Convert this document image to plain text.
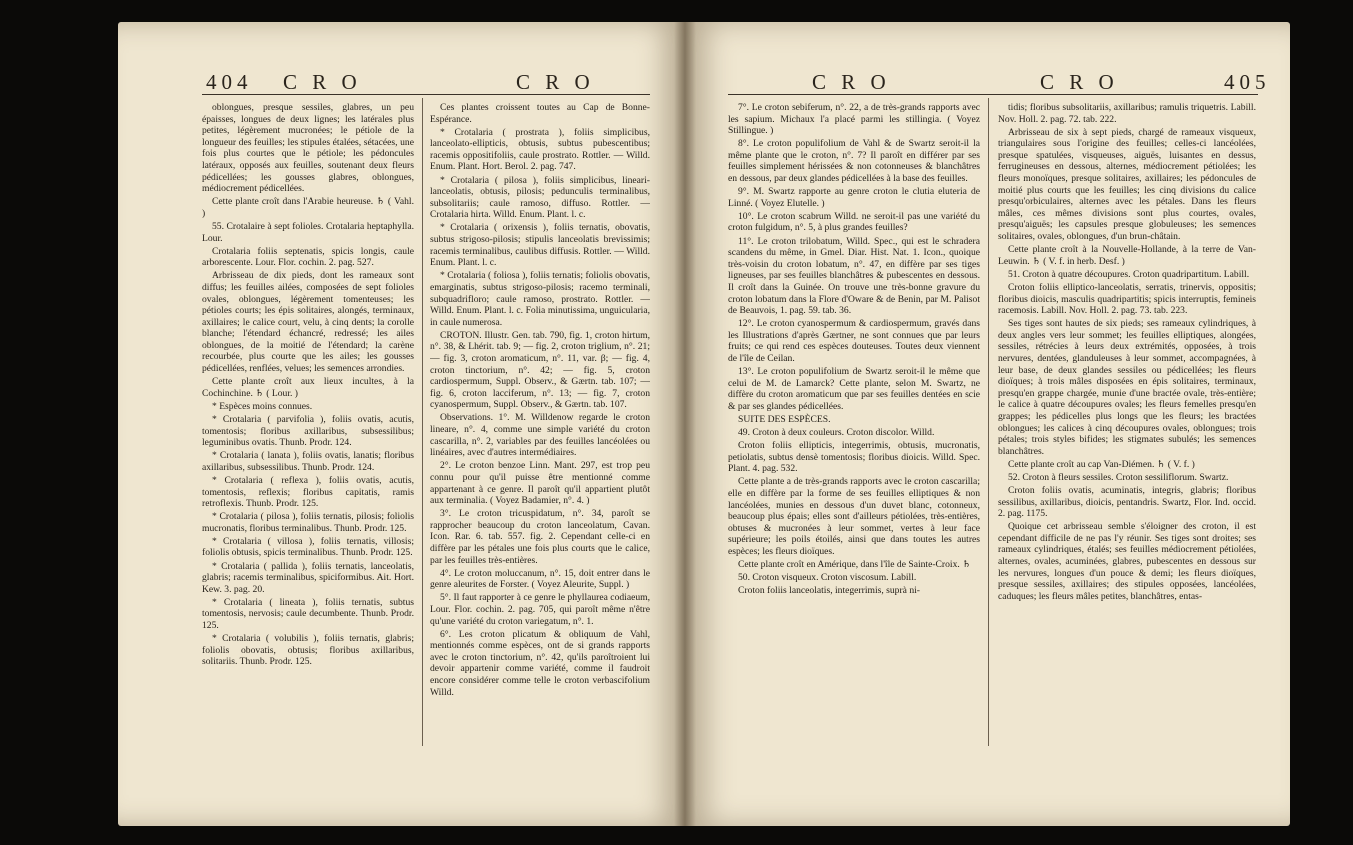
404 C R O	C R O

oblongues, presque sessiles, glabres, un peu épaisses, longues de deux lignes; les latérales plus petites, légèrement mucronées; le pétiole de la longueur des feuilles; les stipules étalées, sétacées, une fois plus courtes que le pétiole; les pédoncules latéraux, opposés aux feuilles, soutenant deux fleurs pédicellées; les gousses glabres, oblongues, médiocrement pédicellées.

Cette plante croît dans l'Arabie heureuse. ♄ ( Vahl. )

55. Crotalaire à sept folioles. Crotalaria heptaphylla. Lour.

Crotalaria foliis septenatis, spicis longis, caule arborescente. Lour. Flor. cochin. 2. pag. 527.

Arbrisseau de dix pieds, dont les rameaux sont diffus; les feuilles ailées, composées de sept folioles ovales, oblongues, légèrement tomenteuses; les pétioles courts; les épis solitaires, alongés, terminaux, axillaires; le calice court, velu, à cinq dents; la corolle blanche; l'étendard échancré, redressé; les ailes oblongues, de la moitié de l'étendard; la carène recourbée, plus courte que les ailes; les gousses pédicellées, renflées, velues; les semences arrondies.

Cette plante croît aux lieux incultes, à la Cochinchine. ♄ ( Lour. )

* Espèces moins connues.

* Crotalaria ( parvifolia ), foliis ovatis, acutis, tomentosis; floribus axillaribus, subsessilibus; leguminibus ovatis. Thunb. Prodr. 124.

* Crotalaria ( lanata ), foliis ovatis, lanatis; floribus axillaribus, subsessilibus. Thunb. Prodr. 124.

* Crotalaria ( reflexa ), foliis ovatis, acutis, tomentosis, reflexis; floribus capitatis, ramis retroflexis. Thunb. Prodr. 125.

* Crotalaria ( pilosa ), foliis ternatis, pilosis; foliolis mucronatis, floribus terminalibus. Thunb. Prodr. 125.

* Crotalaria ( villosa ), foliis ternatis, villosis; foliolis obtusis, spicis terminalibus. Thunb. Prodr. 125.

* Crotalaria ( pallida ), foliis ternatis, lanceolatis, glabris; racemis terminalibus, spiciformibus. Ait. Hort. Kew. 3. pag. 20.

* Crotalaria ( lineata ), foliis ternatis, subtus tomentosis, nervosis; caule decumbente. Thunb. Prodr. 125.

* Crotalaria ( volubilis ), foliis ternatis, glabris; foliolis obovatis, obtusis; floribus axillaribus, solitariis. Thunb. Prodr. 125.

Ces plantes croissent toutes au Cap de Bonne-Espérance.

* Crotalaria ( prostrata ), foliis simplicibus, lanceolato-ellipticis, obtusis, subtus pubescentibus; racemis oppositifoliis, caule prostrato. Rottler. — Willd. Enum. Plant. Hort. Berol. 2. pag. 747.

* Crotalaria ( pilosa ), foliis simplicibus, lineari-lanceolatis, obtusis, pilosis; pedunculis terminalibus, subsolitariis; caule ramoso, diffuso. Rottler. — Crotalaria hirta. Willd. Enum. Plant. l. c.

* Crotalaria ( orixensis ), foliis ternatis, obovatis, subtus strigoso-pilosis; stipulis lanceolatis brevissimis; racemis terminalibus, caulibus diffusis. Rottler. — Willd. Enum. Plant. l. c.

* Crotalaria ( foliosa ), foliis ternatis; foliolis obovatis, emarginatis, subtus strigoso-pilosis; racemo terminali, subquadrifloro; caule ramoso, prostrato. Rottler. — Willd. Enum. Plant. l. c. Folia minutissima, unguicularia, in caule numerosa.

CROTON. Illustr. Gen. tab. 790, fig. 1, croton hirtum, n°. 38, & Lhérit. tab. 9; — fig. 2, croton triglium, n°. 21; — fig. 3, croton aromaticum, n°. 11, var. β; — fig. 4, croton tinctorium, n°. 42; — fig. 5, croton cardiospermum, Suppl. Observ., & Gærtn. tab. 107; — fig. 6, croton lacciferum, n°. 13; — fig. 7, croton cyanospermum, Suppl. Observ., & Gærtn. tab. 107.

Observations. 1°. M. Willdenow regarde le croton lineare, n°. 4, comme une simple variété du croton cascarilla, n°. 2, variables par des feuilles lancéolées ou linéaires, avec d'autres intermédiaires.

2°. Le croton benzoe Linn. Mant. 297, est trop peu connu pour qu'il puisse être mentionné comme appartenant à ce genre. Il paroît qu'il appartient plutôt aux terminalia. ( Voyez Badamier, n°. 4. )

3°. Le croton tricuspidatum, n°. 34, paroît se rapprocher beaucoup du croton lanceolatum, Cavan. Icon. Rar. 6. tab. 557. fig. 2. Cependant celle-ci en diffère par les pétales une fois plus courts que le calice, par les feuilles très-entières.

4°. Le croton moluccanum, n°. 15, doit entrer dans le genre aleurites de Forster. ( Voyez Aleurite, Suppl. )

5°. Il faut rapporter à ce genre le phyllaurea codiaeum, Lour. Flor. cochin. 2. pag. 705, qui paroît même n'être qu'une variété du croton variegatum, n°. 1.

6°. Les croton plicatum & obliquum de Vahl, mentionnés comme espèces, ont de si grands rapports avec le croton tinctorium, n°. 42, qu'ils paroîtroient lui devoir appartenir comme variété, comme il faudroit encore considérer comme telle le croton verbascifolium Willd.

C R O	C R O	405

7°. Le croton sebiferum, n°. 22, a de très-grands rapports avec les sapium. Michaux l'a placé parmi les stillingia. ( Voyez Stillingue. )

8°. Le croton populifolium de Vahl & de Swartz seroit-il la même plante que le croton, n°. 7? Il paroît en différer par ses feuilles simplement hérissées & non cotonneuses & blanchâtres en dessous, par deux glandes pédicellées à la base des feuilles.

9°. M. Swartz rapporte au genre croton le clutia eluteria de Linné. ( Voyez Elutelle. )

10°. Le croton scabrum Willd. ne seroit-il pas une variété du croton fulgidum, n°. 5, à plus grandes feuilles?

11°. Le croton trilobatum, Willd. Spec., qui est le schradera scandens du même, in Gmel. Diar. Hist. Nat. 1. Icon., quoique très-voisin du croton lobatum, n°. 47, en diffère par ses tiges ligneuses, par ses feuilles blanchâtres & pubescentes en dessous. Il croît dans la Guinée. On trouve une très-bonne gravure du croton lobatum dans la Flore d'Oware & de Benin, par M. Palisot de Beauvois, 1. pag. 59. tab. 36.

12°. Le croton cyanospermum & cardiospermum, gravés dans les Illustrations d'après Gærtner, ne sont connues que par leurs fruits; ce qui rend ces espèces douteuses. Toutes deux viennent de l'île de Ceilan.

13°. Le croton populifolium de Swartz seroit-il le même que celui de M. de Lamarck? Cette plante, selon M. Swartz, ne diffère du croton aromaticum que par ses feuilles dentées en scie & par ses glandes pédicellées.

SUITE DES ESPÈCES.

49. Croton à deux couleurs. Croton discolor. Willd.

Croton foliis ellipticis, integerrimis, obtusis, mucronatis, petiolatis, subtus densè tomentosis; floribus dioicis. Willd. Spec. Plant. 4. pag. 532.

Cette plante a de très-grands rapports avec le croton cascarilla; elle en diffère par la forme de ses feuilles elliptiques & non lancéolées, munies en dessous d'un duvet blanc, cotonneux, beaucoup plus épais; elles sont d'ailleurs pétiolées, très-entières, obtuses & mucronées à leur sommet, vertes à leur face supérieure; les poils étoilés, ainsi que dans toutes les autres espèces; les fleurs dioïques.

Cette plante croît en Amérique, dans l'île de Sainte-Croix. ♄

50. Croton visqueux. Croton viscosum. Labill.

Croton foliis lanceolatis, integerrimis, suprà ni-

tidis; floribus subsolitariis, axillaribus; ramulis triquetris. Labill. Nov. Holl. 2. pag. 72. tab. 222.

Arbrisseau de six à sept pieds, chargé de rameaux visqueux, triangulaires sous l'origine des feuilles; celles-ci lancéolées, presque spatulées, visqueuses, aiguës, luisantes en dessus, ferrugineuses en dessous, alternes, médiocrement pétiolées; les fleurs monoïques, presque solitaires, axillaires; les pédoncules de moitié plus courts que les feuilles; les cinq divisions du calice presqu'orbiculaires, alternes avec les pétales. Dans les fleurs mâles, ces mêmes divisions sont plus courtes, ovales, presqu'aiguës; les capsules presque globuleuses; les semences solitaires, ovales, oblongues, d'un brun-châtain.

Cette plante croît à la Nouvelle-Hollande, à la terre de Van-Leuwin. ♄ ( V. f. in herb. Desf. )

51. Croton à quatre découpures. Croton quadripartitum. Labill.

Croton foliis elliptico-lanceolatis, serratis, trinervis, oppositis; floribus dioicis, masculis quadripartitis; spicis interruptis, femineis racemosis. Labill. Nov. Holl. 2. pag. 73. tab. 223.

Ses tiges sont hautes de six pieds; ses rameaux cylindriques, à deux angles vers leur sommet; les feuilles elliptiques, alongées, sessiles, rétrécies à leurs deux extrémités, opposées, à trois nervures, dentées, glanduleuses à leur sommet, accompagnées, à leur base, de deux glandes sessiles ou pédicellées; les fleurs dioïques; à trois mâles disposées en épis solitaires, terminaux, presqu'en grappe chargée, munie d'une bractée ovale, très-entière; le calice à quatre découpures ovales; les fleurs femelles presqu'en grappes; les pédicelles plus longs que les fleurs; les bractées oblongues; les calices à cinq découpures ovales, oblongues; trois pétales; trois styles bifides; les stigmates subulés; les semences blanchâtres.

Cette plante croît au cap Van-Diémen. ♄ ( V. f. )

52. Croton à fleurs sessiles. Croton sessiliflorum. Swartz.

Croton foliis ovatis, acuminatis, integris, glabris; floribus sessilibus, axillaribus, dioicis, pentandris. Swartz, Flor. Ind. occid. 2. pag. 1175.

Quoique cet arbrisseau semble s'éloigner des croton, il est cependant difficile de ne pas l'y réunir. Ses tiges sont droites; ses rameaux cylindriques, étalés; ses feuilles médiocrement pétiolées, alternes, ovales, acuminées, glabres, pubescentes en dessous sur les nervures, longues d'un pouce & demi; les fleurs dioïques, presque sessiles, axillaires; des stipules opposées, lancéolées, caduques; les fleurs mâles petites, blanchâtres, entas-
